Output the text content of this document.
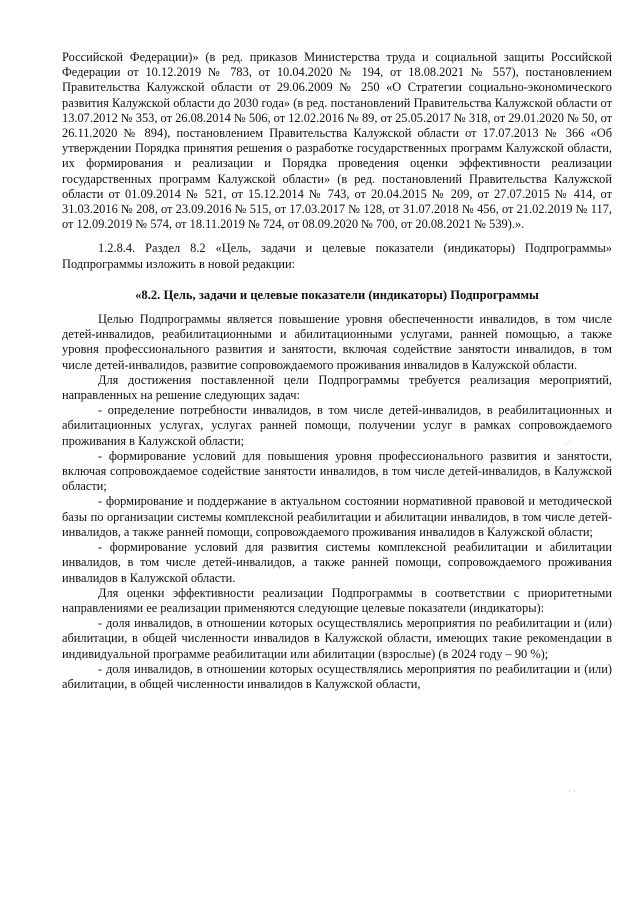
Российской Федерации)» (в ред. приказов Министерства труда и социальной защиты Российской Федерации от 10.12.2019 № 783, от 10.04.2020 № 194, от 18.08.2021 № 557), постановлением Правительства Калужской области от 29.06.2009 № 250 «О Стратегии социально-экономического развития Калужской области до 2030 года» (в ред. постановлений Правительства Калужской области от 13.07.2012 № 353, от 26.08.2014 № 506, от 12.02.2016 № 89, от 25.05.2017 № 318, от 29.01.2020 № 50, от 26.11.2020 № 894), постановлением Правительства Калужской области от 17.07.2013 № 366 «Об утверждении Порядка принятия решения о разработке государственных программ Калужской области, их формирования и реализации и Порядка проведения оценки эффективности реализации государственных программ Калужской области» (в ред. постановлений Правительства Калужской области от 01.09.2014 № 521, от 15.12.2014 № 743, от 20.04.2015 № 209, от 27.07.2015 № 414, от 31.03.2016 № 208, от 23.09.2016 № 515, от 17.03.2017 № 128, от 31.07.2018 № 456, от 21.02.2019 № 117, от 12.09.2019 № 574, от 18.11.2019 № 724, от 08.09.2020 № 700, от 20.08.2021 № 539).».

1.2.8.4. Раздел 8.2 «Цель, задачи и целевые показатели (индикаторы) Подпрограммы» Подпрограммы изложить в новой редакции:

«8.2. Цель, задачи и целевые показатели (индикаторы) Подпрограммы

Целью Подпрограммы является повышение уровня обеспеченности инвалидов, в том числе детей-инвалидов, реабилитационными и абилитационными услугами, ранней помощью, а также уровня профессионального развития и занятости, включая содействие занятости инвалидов, в том числе детей-инвалидов, развитие сопровождаемого проживания инвалидов в Калужской области.

Для достижения поставленной цели Подпрограммы требуется реализация мероприятий, направленных на решение следующих задач:

- определение потребности инвалидов, в том числе детей-инвалидов, в реабилитационных и абилитационных услугах, услугах ранней помощи, получении услуг в рамках сопровождаемого проживания в Калужской области;

- формирование условий для повышения уровня профессионального развития и занятости, включая сопровождаемое содействие занятости инвалидов, в том числе детей-инвалидов, в Калужской области;

- формирование и поддержание в актуальном состоянии нормативной правовой и методической базы по организации системы комплексной реабилитации и абилитации инвалидов, в том числе детей-инвалидов, а также ранней помощи, сопровождаемого проживания инвалидов в Калужской области;

- формирование условий для развития системы комплексной реабилитации и абилитации инвалидов, в том числе детей-инвалидов, а также ранней помощи, сопровождаемого проживания инвалидов в Калужской области.

Для оценки эффективности реализации Подпрограммы в соответствии с приоритетными направлениями ее реализации применяются следующие целевые показатели (индикаторы):

- доля инвалидов, в отношении которых осуществлялись мероприятия по реабилитации и (или) абилитации, в общей численности инвалидов в Калужской области, имеющих такие рекомендации в индивидуальной программе реабилитации или абилитации (взрослые) (в 2024 году – 90 %);

- доля инвалидов, в отношении которых осуществлялись мероприятия по реабилитации и (или) абилитации, в общей численности инвалидов в Калужской области,

·˙
· ·
